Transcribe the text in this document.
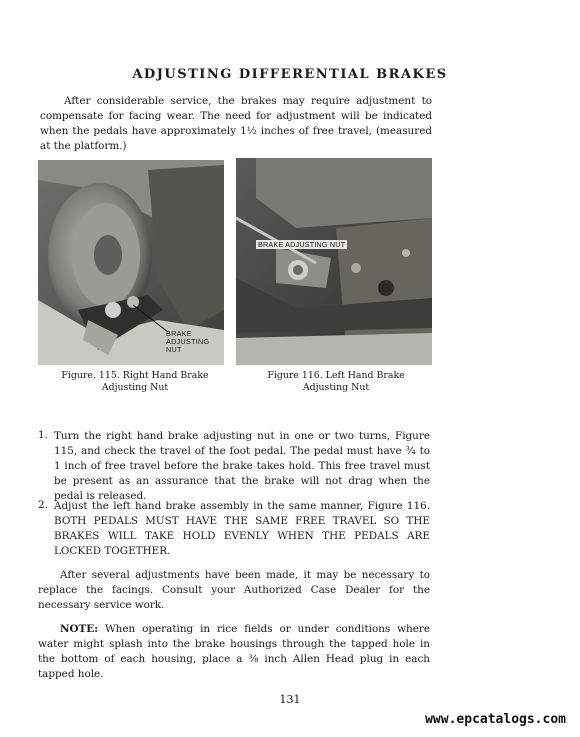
ADJUSTING DIFFERENTIAL BRAKES

After considerable service, the brakes may require adjustment to compensate for facing wear. The need for adjustment will be indicated when the pedals have approximately 1½ inches of free travel, (measured at the platform.)

BRAKE ADJUSTING NUT
Figure. 115. Right Hand Brake
Adjusting Nut
BRAKE ADJUSTING NUT
Figure 116. Left Hand Brake
Adjusting Nut
1. Turn the right hand brake adjusting nut in one or two turns, Figure 115, and check the travel of the foot pedal. The pedal must have ¾ to 1 inch of free travel before the brake takes hold. This free travel must be present as an assurance that the brake will not drag when the pedal is released.

2. Adjust the left hand brake assembly in the same manner, Figure 116. BOTH PEDALS MUST HAVE THE SAME FREE TRAVEL SO THE BRAKES WILL TAKE HOLD EVENLY WHEN THE PEDALS ARE LOCKED TOGETHER.

After several adjustments have been made, it may be necessary to replace the facings. Consult your Authorized Case Dealer for the necessary service work.

NOTE: When operating in rice fields or under conditions where water might splash into the brake housings through the tapped hole in the bottom of each housing, place a ⅜ inch Allen Head plug in each tapped hole.

131
www.epcatalogs.com
